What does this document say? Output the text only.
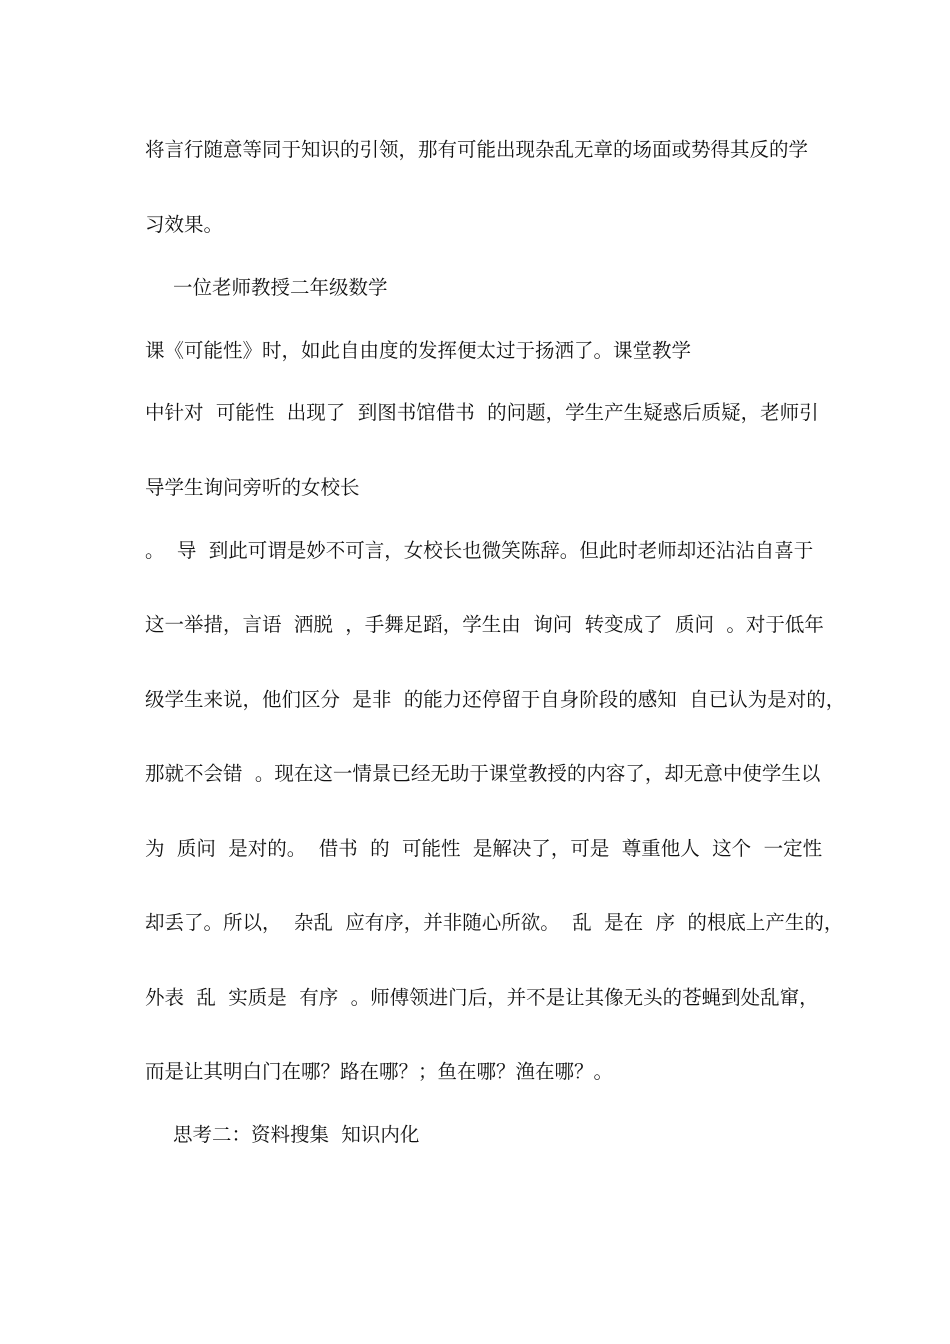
将言行随意等同于知识的引领，那有可能出现杂乱无章的场面或势得其反的学
习效果。
一位老师教授二年级数学
课《可能性》时，如此自由度的发挥便太过于扬洒了。课堂教学
中针对  可能性  出现了  到图书馆借书  的问题，学生产生疑惑后质疑，老师引
导学生询问旁听的女校长
。  导  到此可谓是妙不可言，女校长也微笑陈辞。但此时老师却还沾沾自喜于
这一举措，言语  洒脱  ，手舞足蹈，学生由  询问  转变成了  质问  。对于低年
级学生来说，他们区分  是非  的能力还停留于自身阶段的感知  自已认为是对的，
那就不会错  。现在这一情景已经无助于课堂教授的内容了，却无意中使学生以
为  质问  是对的。  借书  的  可能性  是解决了，可是  尊重他人  这个  一定性
却丢了。所以，  杂乱  应有序，并非随心所欲。  乱  是在  序  的根底上产生的，
外表  乱  实质是  有序  。师傅领进门后，并不是让其像无头的苍蝇到处乱窜，
而是让其明白门在哪？路在哪？；鱼在哪？渔在哪？。
思考二：资料搜集  知识内化
